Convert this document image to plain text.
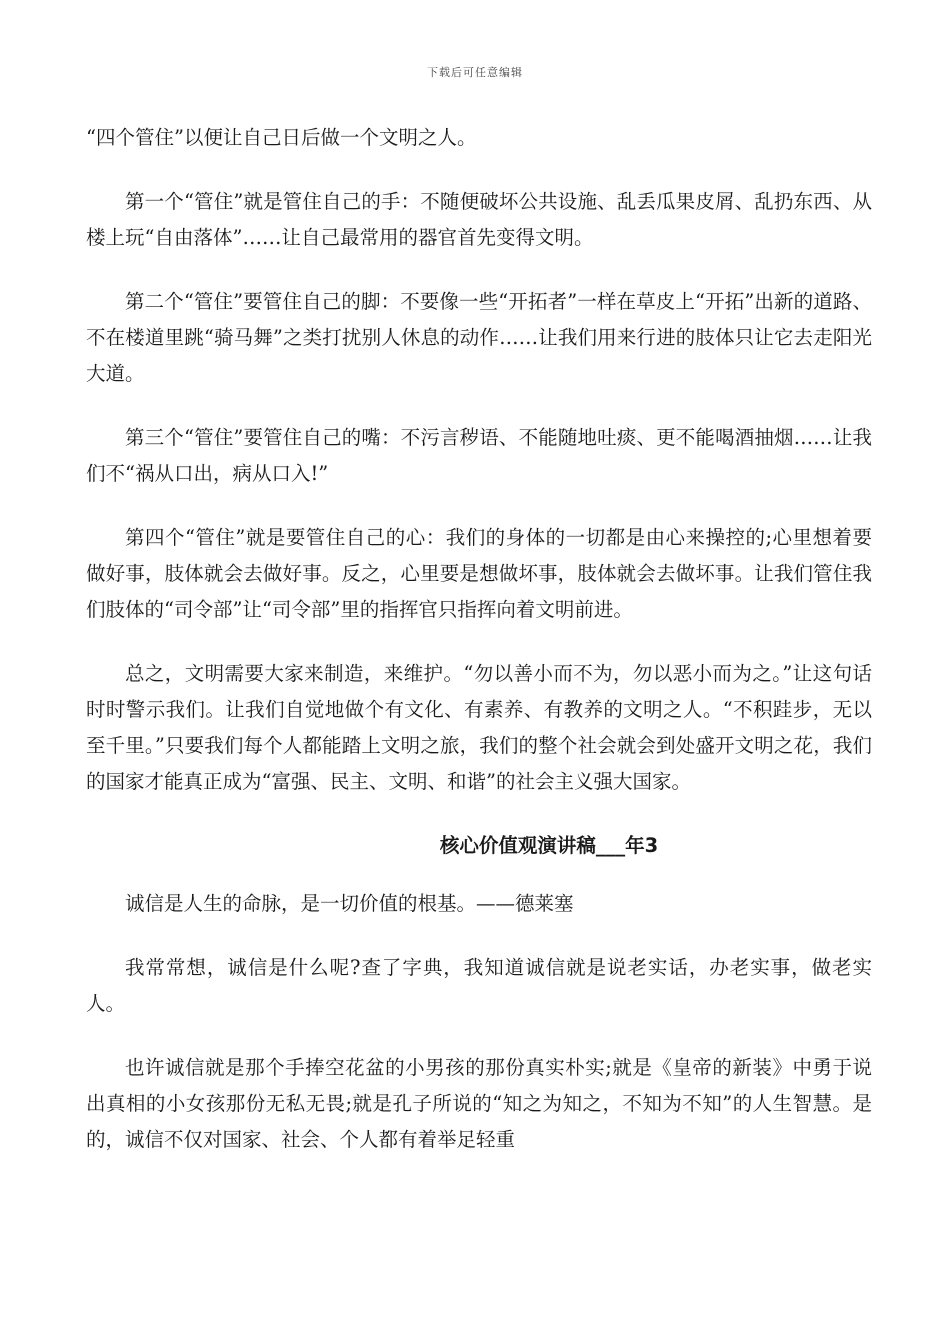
下载后可任意编辑

“四个管住”以便让自己日后做一个文明之人。

第一个“管住”就是管住自己的手：不随便破坏公共设施、乱丢瓜果皮屑、乱扔东西、从楼上玩“自由落体”……让自己最常用的器官首先变得文明。

第二个“管住”要管住自己的脚：不要像一些“开拓者”一样在草皮上“开拓”出新的道路、不在楼道里跳“骑马舞”之类打扰别人休息的动作……让我们用来行进的肢体只让它去走阳光大道。

第三个“管住”要管住自己的嘴：不污言秽语、不能随地吐痰、更不能喝酒抽烟……让我们不“祸从口出，病从口入!”

第四个“管住”就是要管住自己的心：我们的身体的一切都是由心来操控的;心里想着要做好事，肢体就会去做好事。反之，心里要是想做坏事，肢体就会去做坏事。让我们管住我们肢体的“司令部”让“司令部”里的指挥官只指挥向着文明前进。

总之，文明需要大家来制造，来维护。“勿以善小而不为，勿以恶小而为之。”让这句话时时警示我们。让我们自觉地做个有文化、有素养、有教养的文明之人。“不积跬步，无以至千里。”只要我们每个人都能踏上文明之旅，我们的整个社会就会到处盛开文明之花，我们的国家才能真正成为“富强、民主、文明、和谐”的社会主义强大国家。

核心价值观演讲稿___年3

诚信是人生的命脉，是一切价值的根基。——德莱塞

我常常想，诚信是什么呢?查了字典，我知道诚信就是说老实话，办老实事，做老实人。

也许诚信就是那个手捧空花盆的小男孩的那份真实朴实;就是《皇帝的新装》中勇于说出真相的小女孩那份无私无畏;就是孔子所说的“知之为知之，不知为不知”的人生智慧。是的，诚信不仅对国家、社会、个人都有着举足轻重
